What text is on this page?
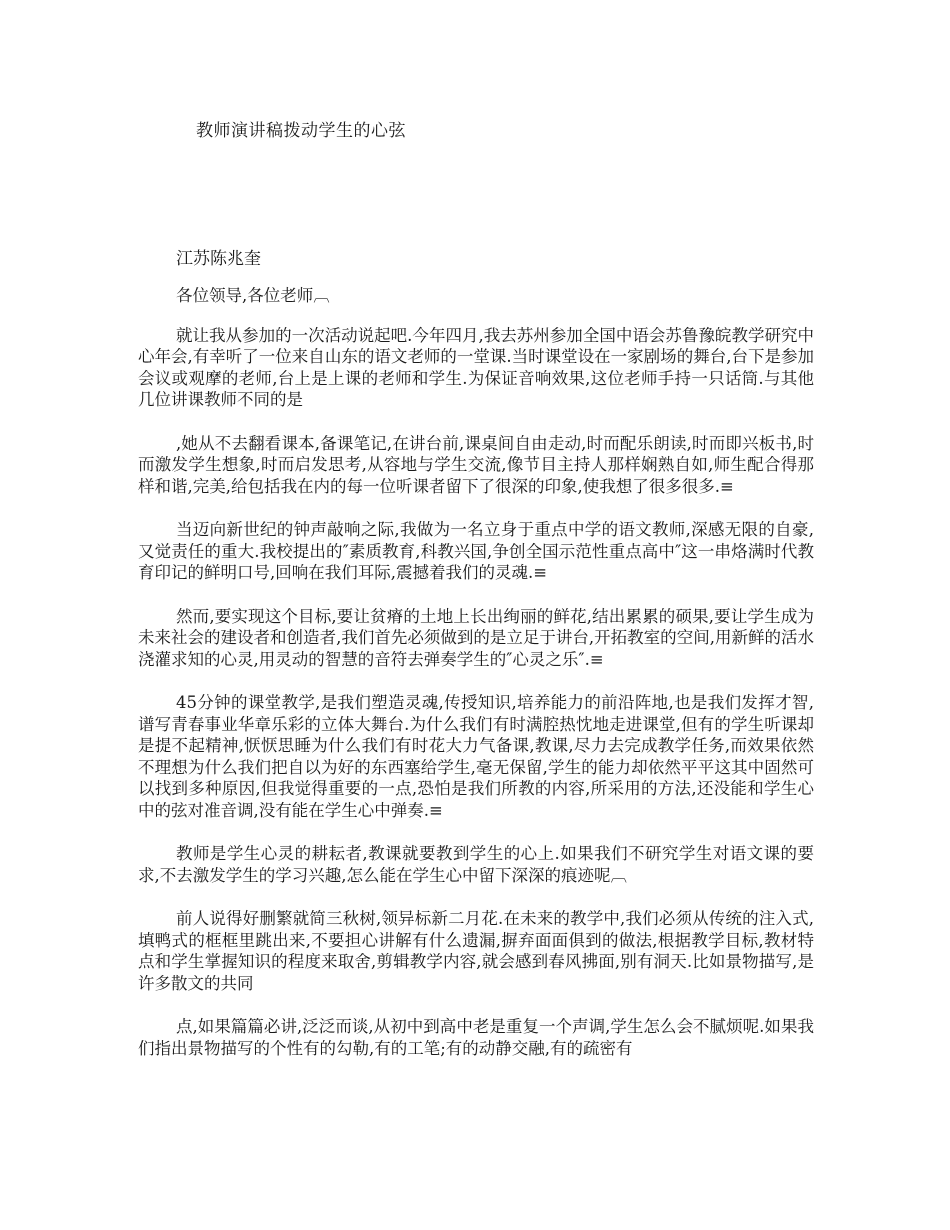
教师演讲稿拨动学生的心弦
江苏陈兆奎

各位领导,各位老师︹

就让我从参加的一次活动说起吧.今年四月,我去苏州参加全国中语会苏鲁豫皖教学研究中心年会,有幸听了一位来自山东的语文老师的一堂课.当时课堂设在一家剧场的舞台,台下是参加会议或观摩的老师,台上是上课的老师和学生.为保证音响效果,这位老师手持一只话筒.与其他几位讲课教师不同的是

,她从不去翻看课本,备课笔记,在讲台前,课桌间自由走动,时而配乐朗读,时而即兴板书,时而激发学生想象,时而启发思考,从容地与学生交流,像节目主持人那样娴熟自如,师生配合得那样和谐,完美,给包括我在内的每一位听课者留下了很深的印象,使我想了很多很多.≡

当迈向新世纪的钟声敲响之际,我做为一名立身于重点中学的语文教师,深感无限的自豪,又觉责任的重大.我校提出的″素质教育,科教兴国,争创全国示范性重点高中″这一串烙满时代教育印记的鲜明口号,回响在我们耳际,震撼着我们的灵魂.≡

然而,要实现这个目标,要让贫瘠的土地上长出绚丽的鲜花,结出累累的硕果,要让学生成为未来社会的建设者和创造者,我们首先必须做到的是立足于讲台,开拓教室的空间,用新鲜的活水浇灌求知的心灵,用灵动的智慧的音符去弹奏学生的″心灵之乐″.≡

45分钟的课堂教学,是我们塑造灵魂,传授知识,培养能力的前沿阵地,也是我们发挥才智,谱写青春事业华章乐彩的立体大舞台.为什么我们有时满腔热忱地走进课堂,但有的学生听课却是提不起精神,恹恹思睡为什么我们有时花大力气备课,教课,尽力去完成教学任务,而效果依然不理想为什么我们把自以为好的东西塞给学生,毫无保留,学生的能力却依然平平这其中固然可以找到多种原因,但我觉得重要的一点,恐怕是我们所教的内容,所采用的方法,还没能和学生心中的弦对准音调,没有能在学生心中弹奏.≡

教师是学生心灵的耕耘者,教课就要教到学生的心上.如果我们不研究学生对语文课的要求,不去激发学生的学习兴趣,怎么能在学生心中留下深深的痕迹呢︹

前人说得好删繁就简三秋树,领异标新二月花.在未来的教学中,我们必须从传统的注入式,填鸭式的框框里跳出来,不要担心讲解有什么遗漏,摒弃面面俱到的做法,根据教学目标,教材特点和学生掌握知识的程度来取舍,剪辑教学内容,就会感到春风拂面,别有洞天.比如景物描写,是许多散文的共同

点,如果篇篇必讲,泛泛而谈,从初中到高中老是重复一个声调,学生怎么会不腻烦呢.如果我们指出景物描写的个性有的勾勒,有的工笔;有的动静交融,有的疏密有
